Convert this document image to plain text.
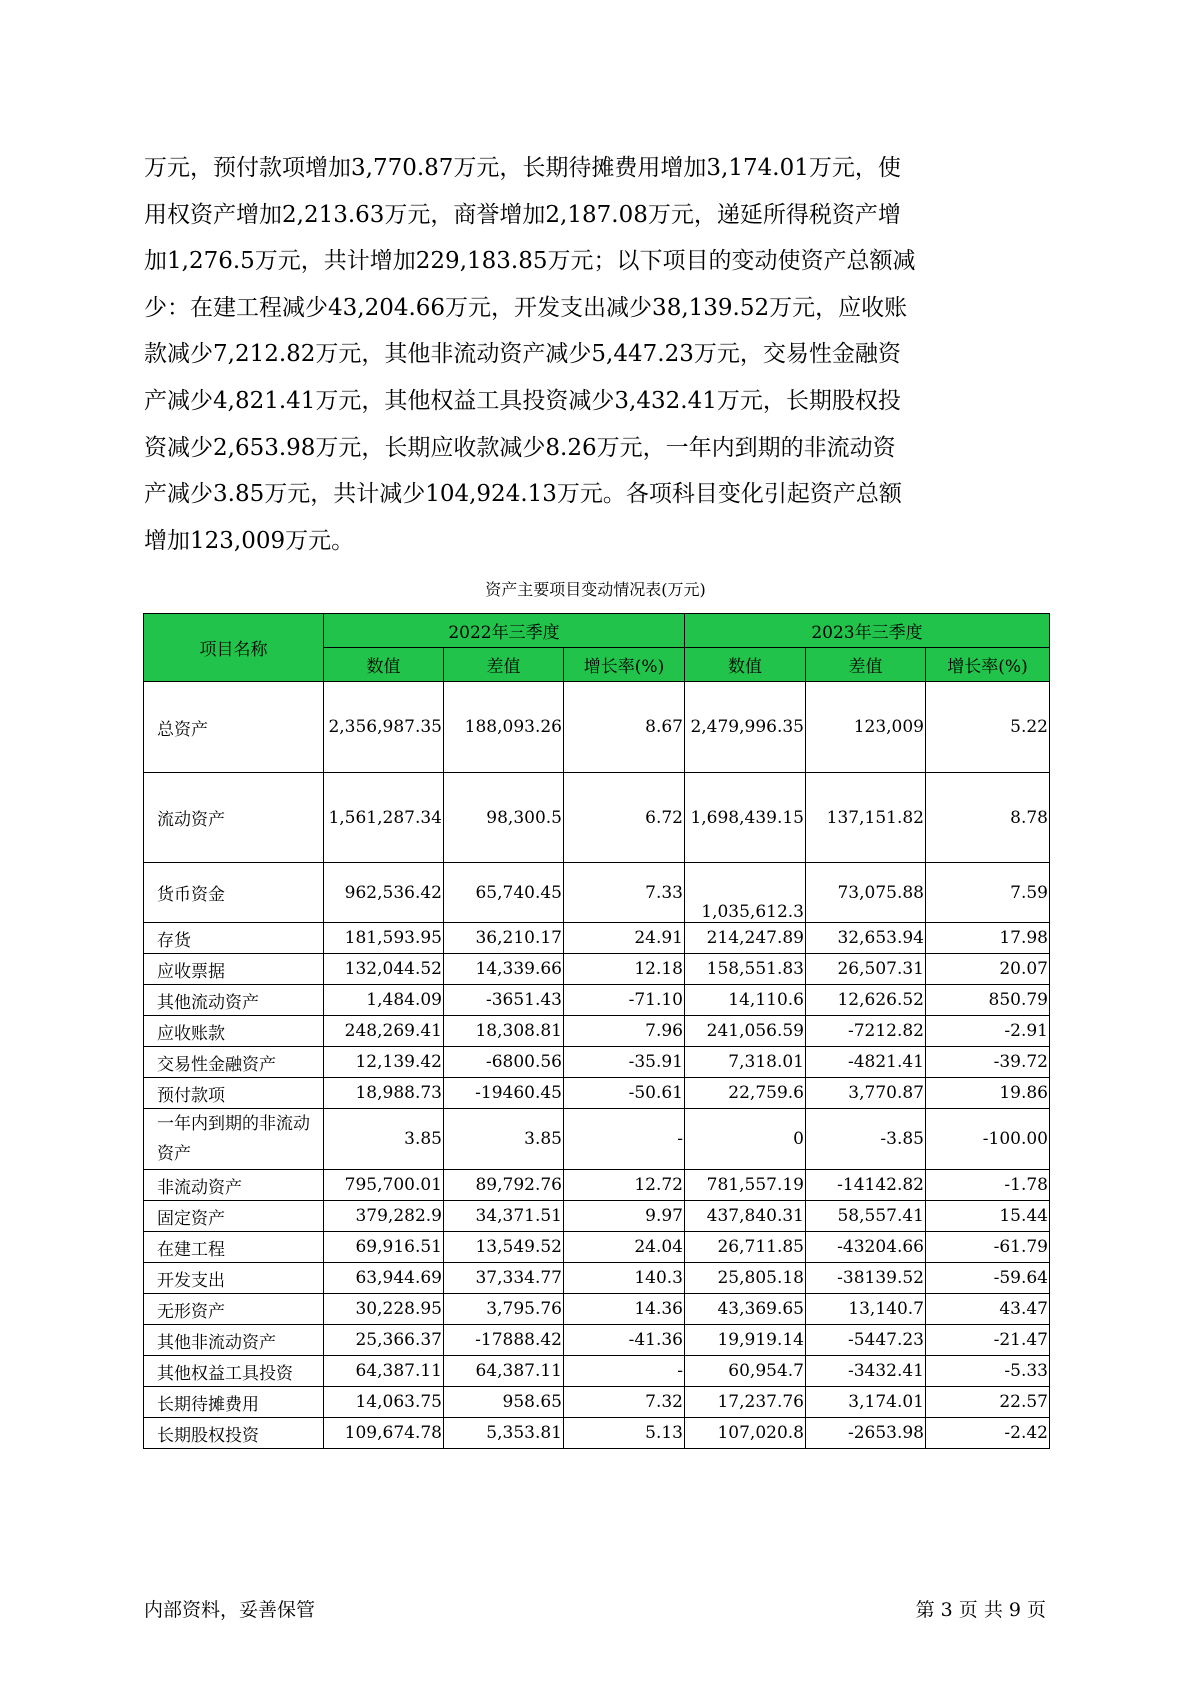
万元，预付款项增加3,770.87万元，长期待摊费用增加3,174.01万元，使
用权资产增加2,213.63万元，商誉增加2,187.08万元，递延所得税资产增
加1,276.5万元，共计增加229,183.85万元；以下项目的变动使资产总额减
少：在建工程减少43,204.66万元，开发支出减少38,139.52万元，应收账
款减少7,212.82万元，其他非流动资产减少5,447.23万元，交易性金融资
产减少4,821.41万元，其他权益工具投资减少3,432.41万元，长期股权投
资减少2,653.98万元，长期应收款减少8.26万元，一年内到期的非流动资
产减少3.85万元，共计减少104,924.13万元。各项科目变化引起资产总额
增加123,009万元。
资产主要项目变动情况表(万元)
项目名称	2022年三季度			2023年三季度		
	数值	差值	增长率(%)	数值	差值	增长率(%)
总资产	2,356,987.35	188,093.26	8.67	2,479,996.35	123,009	5.22
流动资产	1,561,287.34	98,300.5	6.72	1,698,439.15	137,151.82	8.78
货币资金	962,536.42	65,740.45	7.33	1,035,612.3	73,075.88	7.59
存货	181,593.95	36,210.17	24.91	214,247.89	32,653.94	17.98
应收票据	132,044.52	14,339.66	12.18	158,551.83	26,507.31	20.07
其他流动资产	1,484.09	-3651.43	-71.10	14,110.6	12,626.52	850.79
应收账款	248,269.41	18,308.81	7.96	241,056.59	-7212.82	-2.91
交易性金融资产	12,139.42	-6800.56	-35.91	7,318.01	-4821.41	-39.72
预付款项	18,988.73	-19460.45	-50.61	22,759.6	3,770.87	19.86
一年内到期的非流动资产	3.85	3.85	-	0	-3.85	-100.00
非流动资产	795,700.01	89,792.76	12.72	781,557.19	-14142.82	-1.78
固定资产	379,282.9	34,371.51	9.97	437,840.31	58,557.41	15.44
在建工程	69,916.51	13,549.52	24.04	26,711.85	-43204.66	-61.79
开发支出	63,944.69	37,334.77	140.3	25,805.18	-38139.52	-59.64
无形资产	30,228.95	3,795.76	14.36	43,369.65	13,140.7	43.47
其他非流动资产	25,366.37	-17888.42	-41.36	19,919.14	-5447.23	-21.47
其他权益工具投资	64,387.11	64,387.11	-	60,954.7	-3432.41	-5.33
长期待摊费用	14,063.75	958.65	7.32	17,237.76	3,174.01	22.57
长期股权投资	109,674.78	5,353.81	5.13	107,020.8	-2653.98	-2.42
内部资料，妥善保管	第 3 页 共 9 页
